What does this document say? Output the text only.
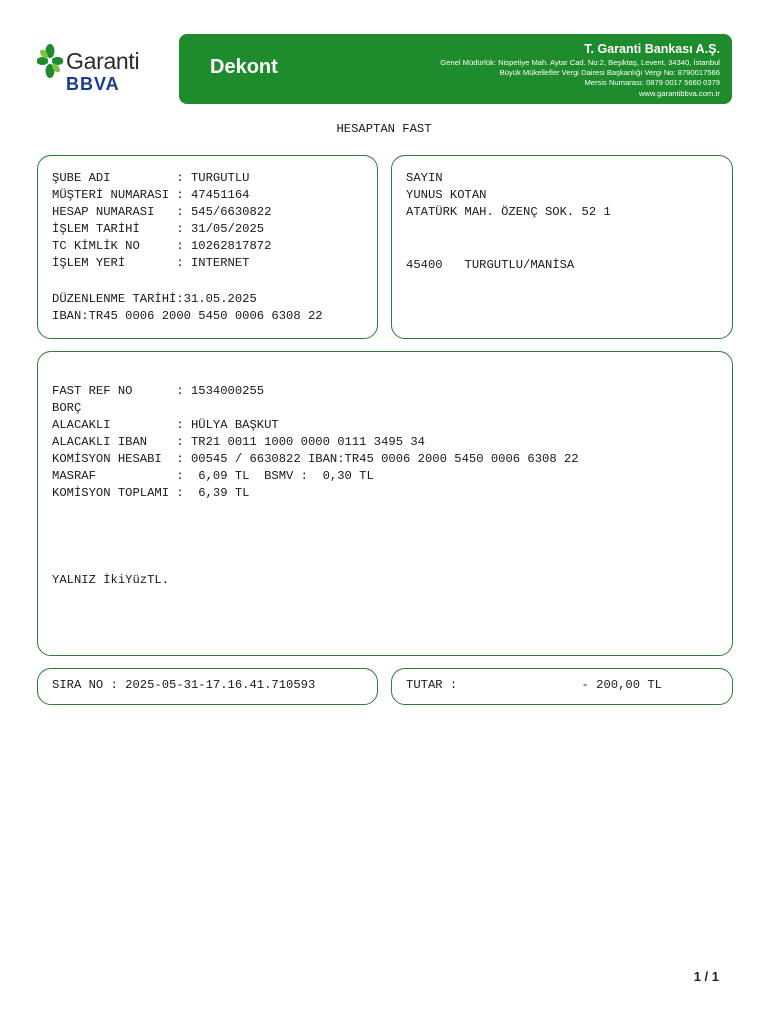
Garanti
BBVA
Dekont
T. Garanti Bankası A.Ş.
Genel Müdürlük: Nispetiye Mah. Aytar Cad. No:2, Beşiktaş, Levent, 34340, İstanbul
Büyük Mükellefler Vergi Dairesi Başkanlığı Vergi No: 8790017566
Mersis Numarası: 0879 0017 5660 0379
www.garantibbva.com.tr
HESAPTAN FAST
ŞUBE ADI         : TURGUTLU
MÜŞTERİ NUMARASI : 47451164
HESAP NUMARASI   : 545/6630822
İŞLEM TARİHİ     : 31/05/2025
TC KİMLİK NO     : 10262817872
İŞLEM YERİ       : INTERNET
DÜZENLENME TARİHİ:31.05.2025
IBAN:TR45 0006 2000 5450 0006 6308 22
SAYIN
YUNUS KOTAN
ATATÜRK MAH. ÖZENÇ SOK. 52 1
45400   TURGUTLU/MANİSA
FAST REF NO      : 1534000255
BORÇ
ALACAKLI         : HÜLYA BAŞKUT
ALACAKLI IBAN    : TR21 0011 1000 0000 0111 3495 34
KOMİSYON HESABI  : 00545 / 6630822 IBAN:TR45 0006 2000 5450 0006 6308 22
MASRAF           :  6,09 TL  BSMV :  0,30 TL
KOMİSYON TOPLAMI :  6,39 TL
YALNIZ İkiYüzTL.
SIRA NO : 2025-05-31-17.16.41.710593	TUTAR :                 - 200,00 TL
1 / 1
